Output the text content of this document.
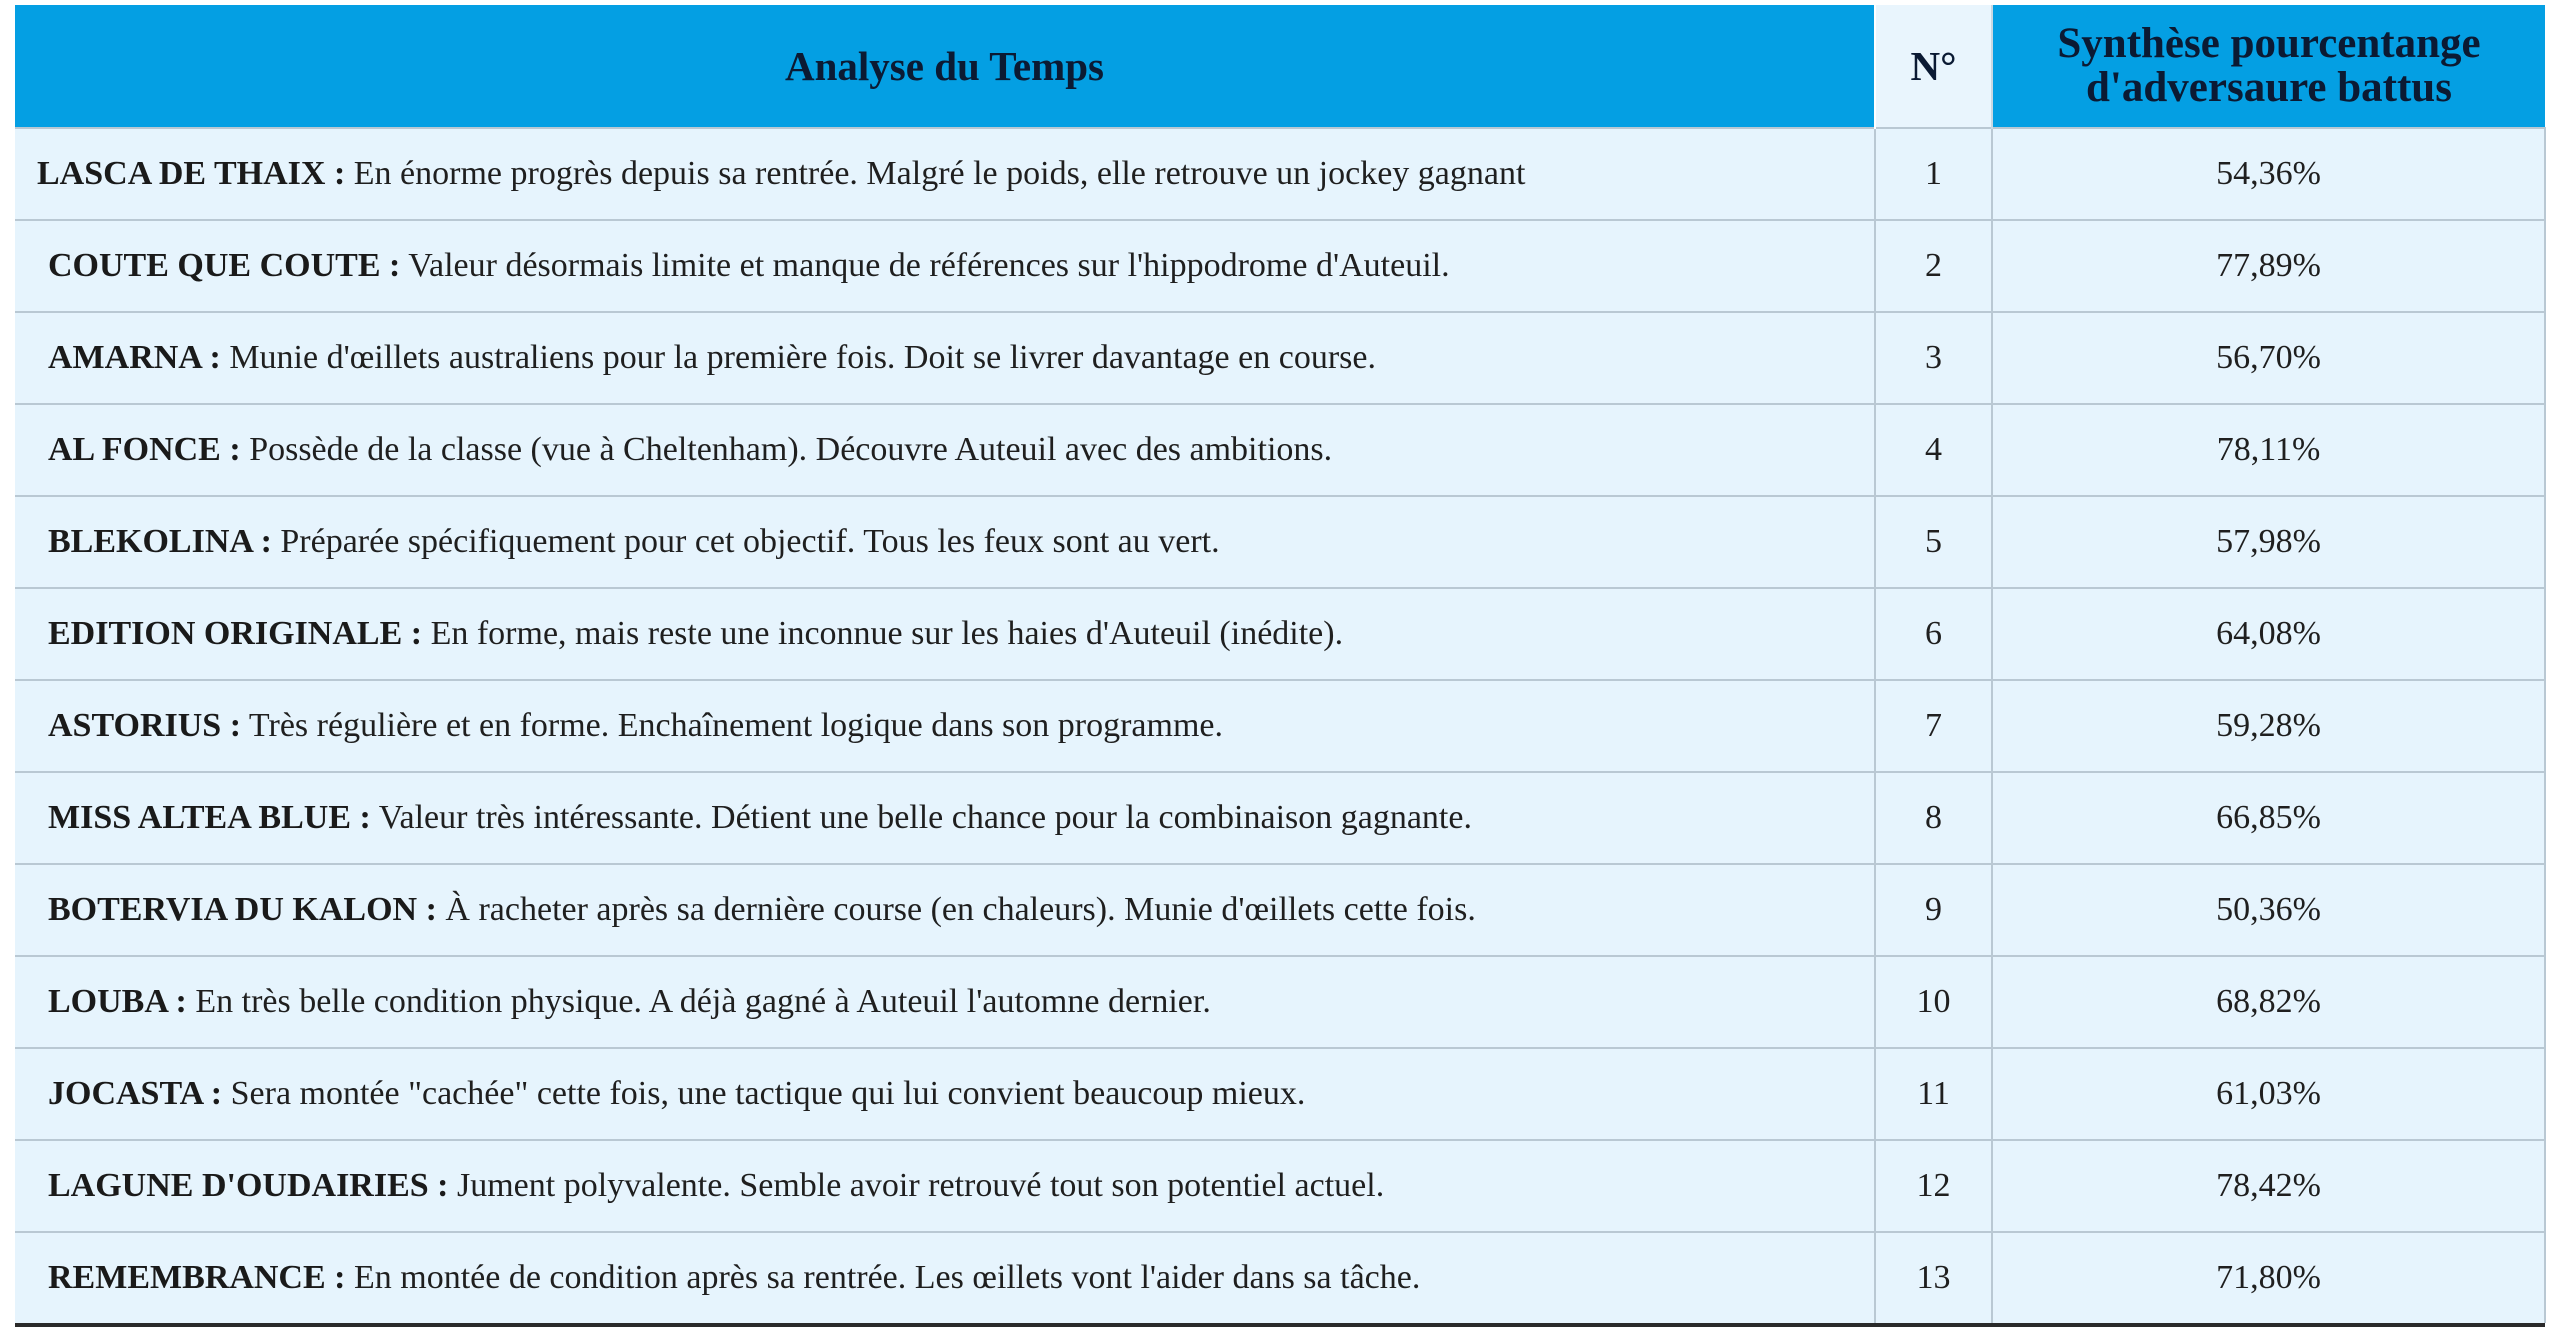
Analyse du Temps	N°	Synthèse pourcentange
d'adversaure battus

LASCA DE THAIX : En énorme progrès depuis sa rentrée. Malgré le poids, elle retrouve un jockey gagnant	1	54,36%
COUTE QUE COUTE : Valeur désormais limite et manque de références sur l'hippodrome d'Auteuil.	2	77,89%
AMARNA : Munie d'œillets australiens pour la première fois. Doit se livrer davantage en course.	3	56,70%
AL FONCE : Possède de la classe (vue à Cheltenham). Découvre Auteuil avec des ambitions.	4	78,11%
BLEKOLINA : Préparée spécifiquement pour cet objectif. Tous les feux sont au vert.	5	57,98%
EDITION ORIGINALE : En forme, mais reste une inconnue sur les haies d'Auteuil (inédite).	6	64,08%
ASTORIUS : Très régulière et en forme. Enchaînement logique dans son programme.	7	59,28%
MISS ALTEA BLUE : Valeur très intéressante. Détient une belle chance pour la combinaison gagnante.	8	66,85%
BOTERVIA DU KALON : À racheter après sa dernière course (en chaleurs). Munie d'œillets cette fois.	9	50,36%
LOUBA : En très belle condition physique. A déjà gagné à Auteuil l'automne dernier.	10	68,82%
JOCASTA : Sera montée "cachée" cette fois, une tactique qui lui convient beaucoup mieux.	11	61,03%
LAGUNE D'OUDAIRIES : Jument polyvalente. Semble avoir retrouvé tout son potentiel actuel.	12	78,42%
REMEMBRANCE : En montée de condition après sa rentrée. Les œillets vont l'aider dans sa tâche.	13	71,80%
